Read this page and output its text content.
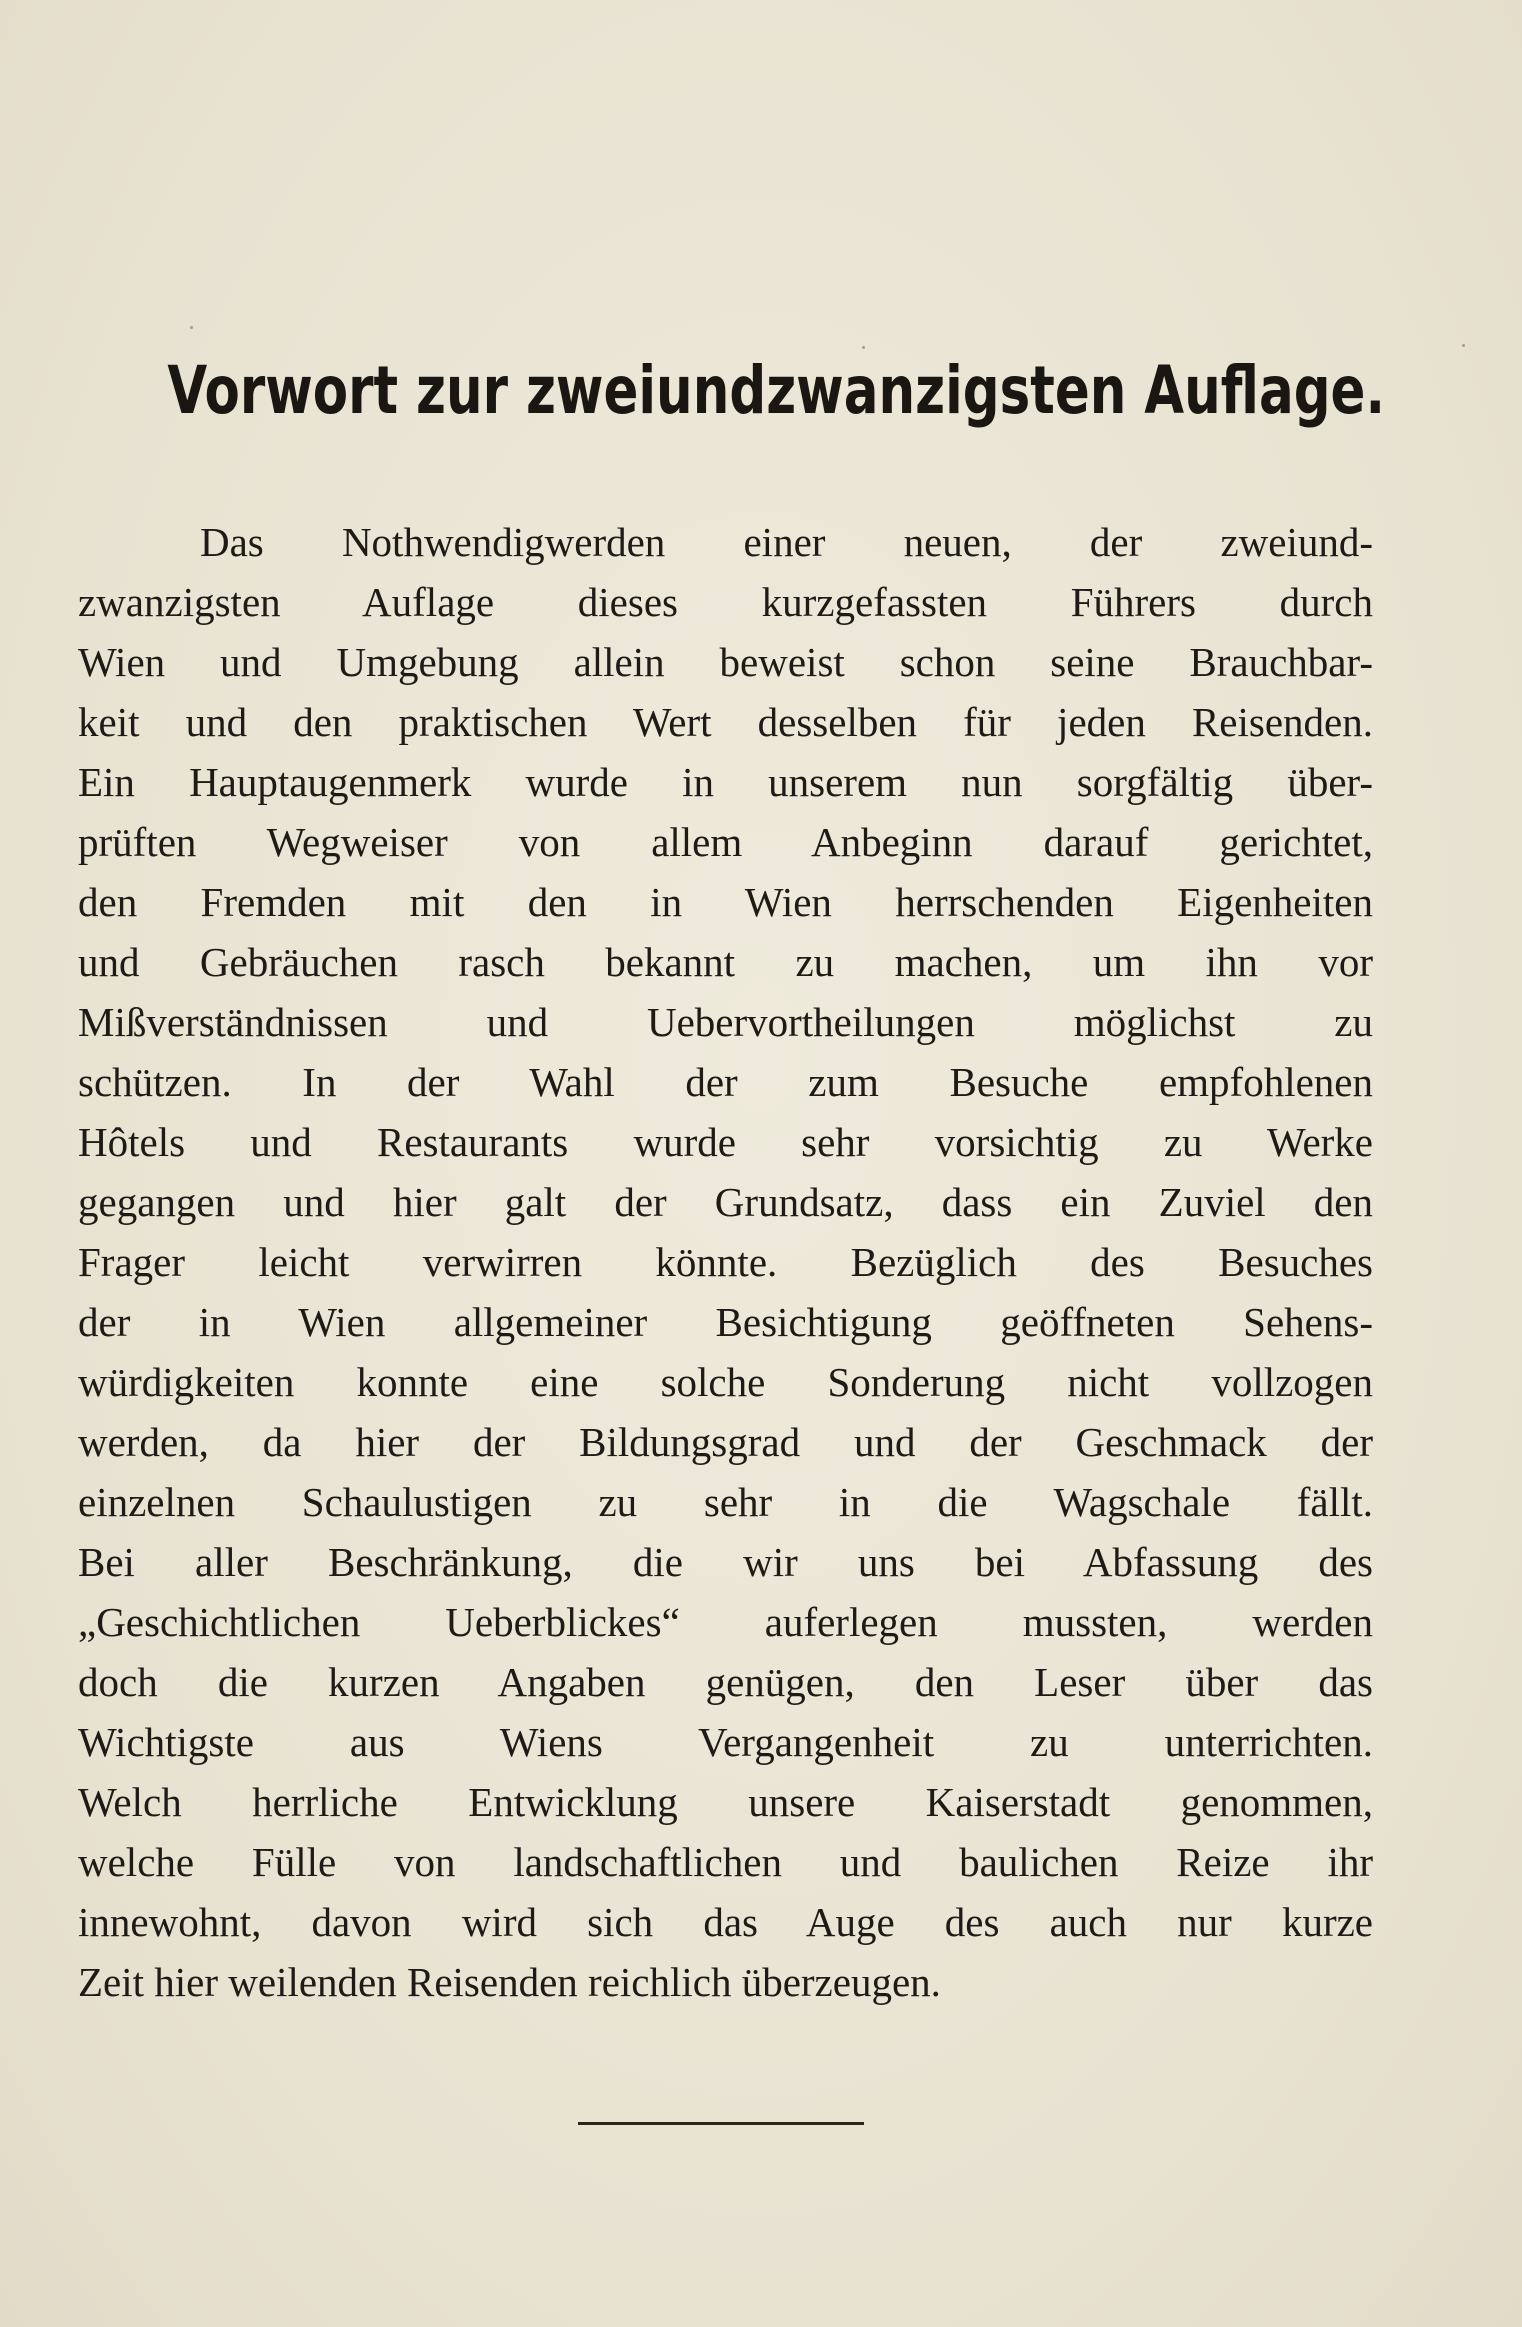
Vorwort zur zweiundzwanzigsten Auflage.
Das Nothwendigwerden einer neuen, der zweiund-
zwanzigsten Auflage dieses kurzgefassten Führers durch
Wien und Umgebung allein beweist schon seine Brauchbar-
keit und den praktischen Wert desselben für jeden Reisenden.
Ein Hauptaugenmerk wurde in unserem nun sorgfältig über-
prüften Wegweiser von allem Anbeginn darauf gerichtet,
den Fremden mit den in Wien herrschenden Eigenheiten
und Gebräuchen rasch bekannt zu machen, um ihn vor
Mißverständnissen und Uebervortheilungen möglichst zu
schützen. In der Wahl der zum Besuche empfohlenen
Hôtels und Restaurants wurde sehr vorsichtig zu Werke
gegangen und hier galt der Grundsatz, dass ein Zuviel den
Frager leicht verwirren könnte. Bezüglich des Besuches
der in Wien allgemeiner Besichtigung geöffneten Sehens-
würdigkeiten konnte eine solche Sonderung nicht vollzogen
werden, da hier der Bildungsgrad und der Geschmack der
einzelnen Schaulustigen zu sehr in die Wagschale fällt.
Bei aller Beschränkung, die wir uns bei Abfassung des
„Geschichtlichen Ueberblickes“ auferlegen mussten, werden
doch die kurzen Angaben genügen, den Leser über das
Wichtigste aus Wiens Vergangenheit zu unterrichten.
Welch herrliche Entwicklung unsere Kaiserstadt genommen,
welche Fülle von landschaftlichen und baulichen Reize ihr
innewohnt, davon wird sich das Auge des auch nur kurze
Zeit hier weilenden Reisenden reichlich überzeugen.
